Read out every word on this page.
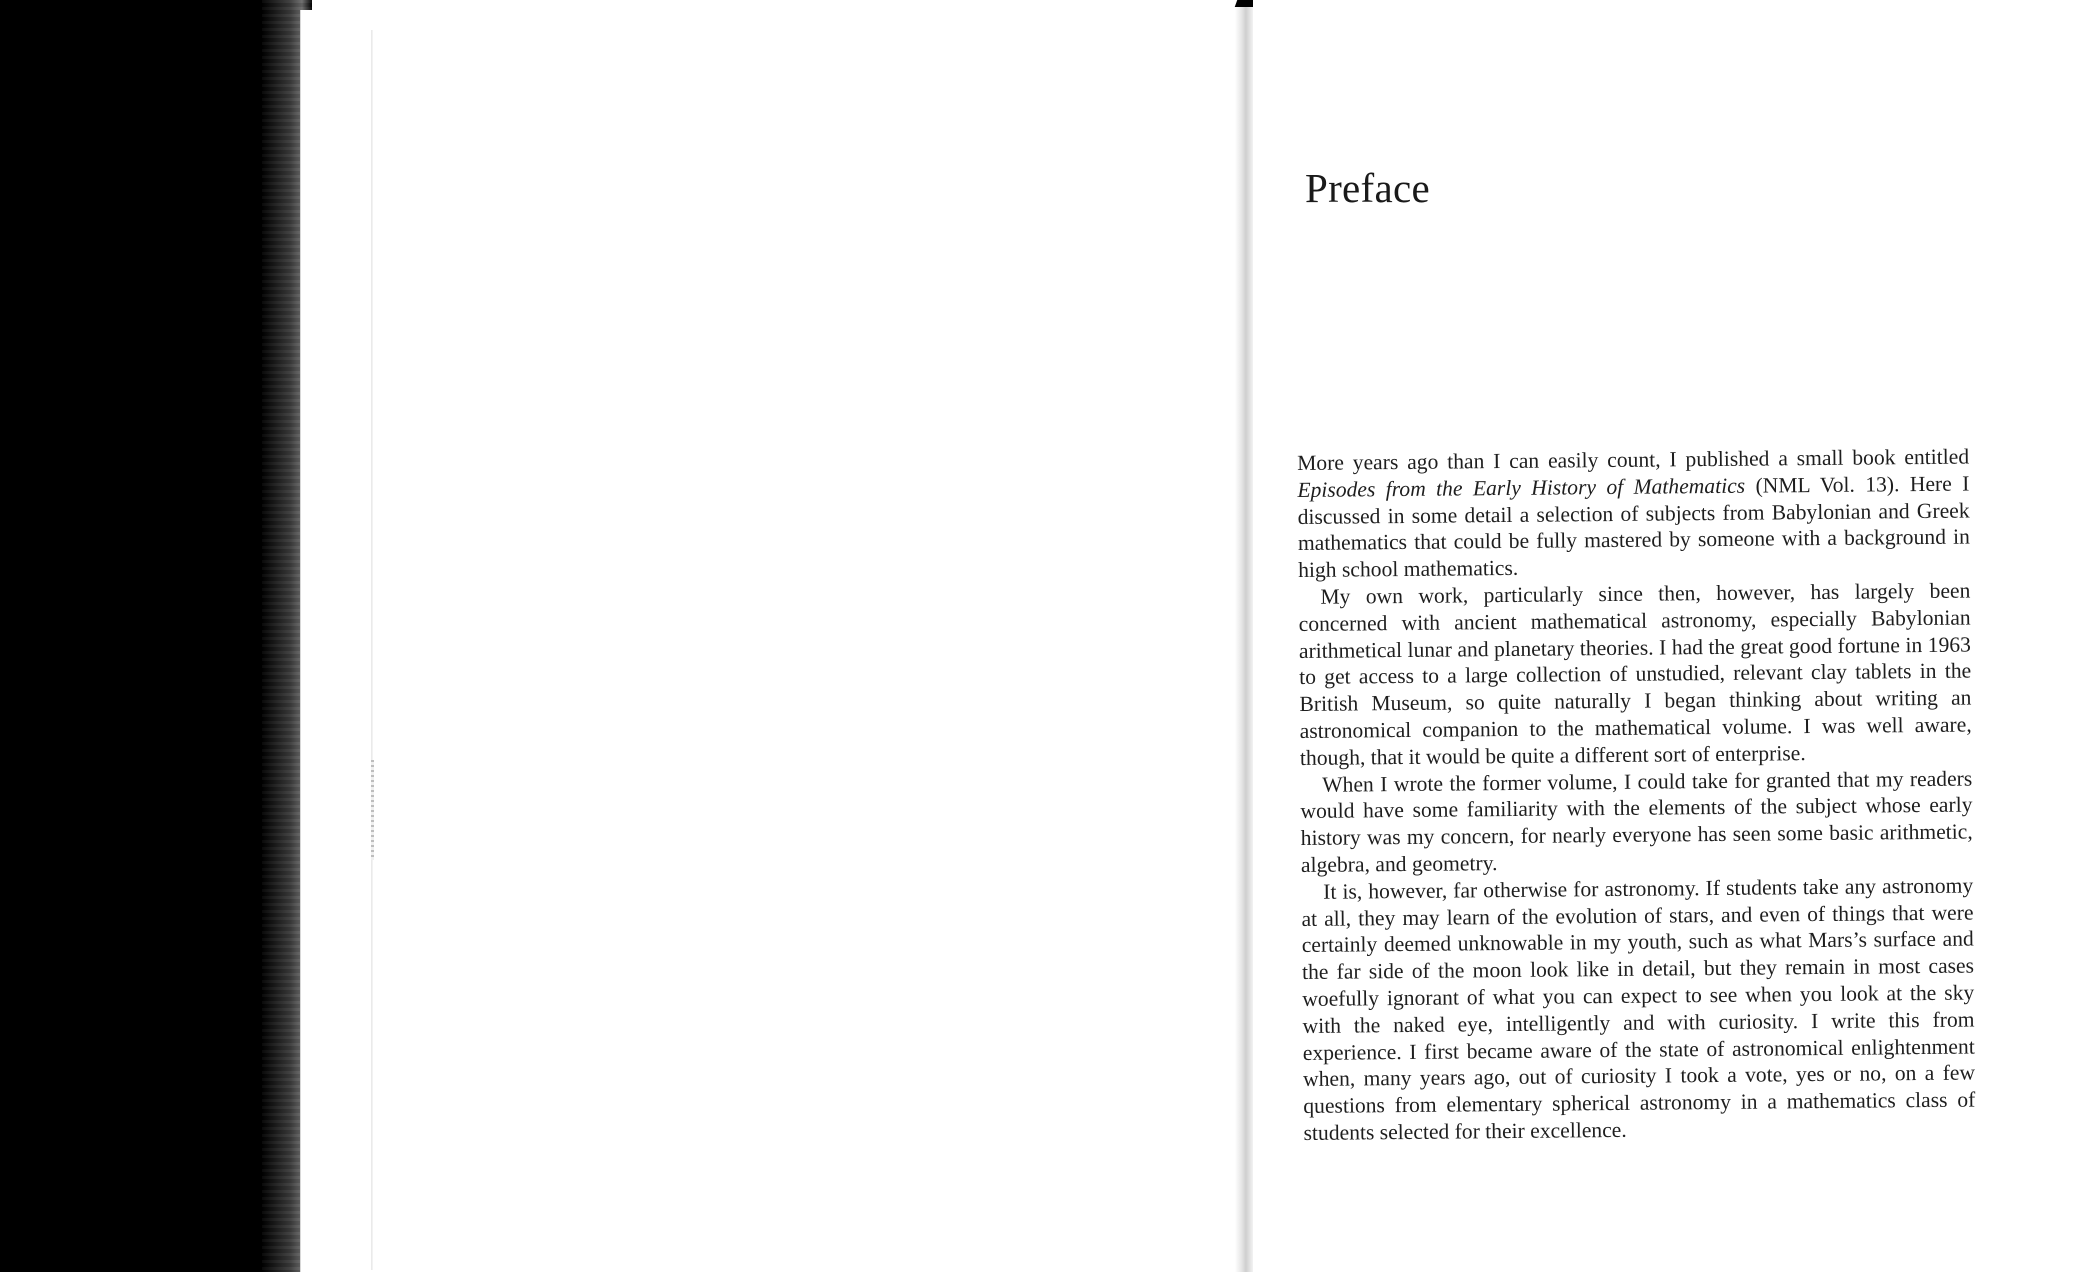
Preface

More years ago than I can easily count, I published a small book entitled Episodes from the Early History of Mathematics (NML Vol. 13). Here I discussed in some detail a selection of subjects from Babylonian and Greek mathematics that could be fully mastered by someone with a background in high school mathematics.

My own work, particularly since then, however, has largely been concerned with ancient mathematical astronomy, especially Babylonian arithmetical lunar and planetary theories. I had the great good fortune in 1963 to get access to a large collection of unstudied, relevant clay tablets in the British Museum, so quite naturally I began thinking about writing an astronomical companion to the mathematical volume. I was well aware, though, that it would be quite a different sort of enterprise.

When I wrote the former volume, I could take for granted that my readers would have some familiarity with the elements of the subject whose early history was my concern, for nearly everyone has seen some basic arithmetic, algebra, and geometry.

It is, however, far otherwise for astronomy. If students take any astronomy at all, they may learn of the evolution of stars, and even of things that were certainly deemed unknowable in my youth, such as what Mars’s surface and the far side of the moon look like in detail, but they remain in most cases woefully ignorant of what you can expect to see when you look at the sky with the naked eye, intelligently and with curiosity. I write this from experience. I first became aware of the state of astronomical enlightenment when, many years ago, out of curiosity I took a vote, yes or no, on a few questions from elementary spherical astronomy in a mathematics class of students selected for their excellence.
